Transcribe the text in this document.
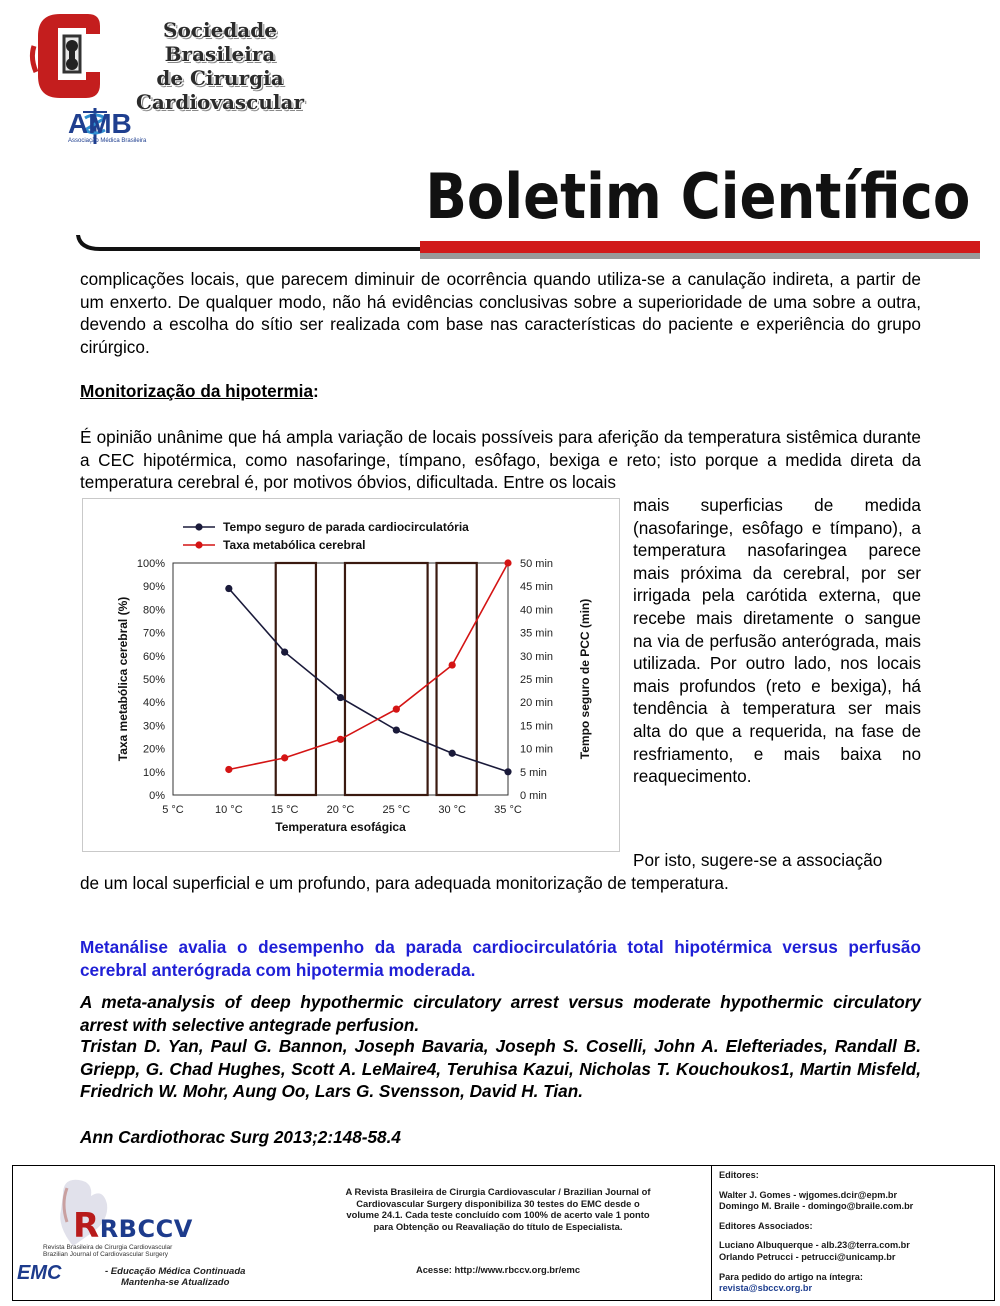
Sociedade Brasileira
de Cirurgia
Cardiovascular
AMB
Associação Médica Brasileira
Boletim Científico
complicações locais, que parecem diminuir de ocorrência quando utiliza-se a canulação indireta, a partir de um enxerto. De qualquer modo, não há evidências conclusivas sobre a superioridade de uma sobre a outra, devendo a escolha do sítio ser realizada com base nas características do paciente e experiência do grupo cirúrgico.
Monitorização da hipotermia:
É opinião unânime que há ampla variação de locais possíveis para aferição da temperatura sistêmica durante a CEC hipotérmica, como nasofaringe, tímpano, esôfago, bexiga e reto; isto porque a medida direta da temperatura cerebral é, por motivos óbvios, dificultada. Entre os locais
mais superficias de medida (nasofaringe, esôfago e tímpano), a temperatura nasofaringea parece mais próxima da cerebral, por ser irrigada pela carótida externa, que recebe mais diretamente o sangue na via de perfusão anterógrada, mais utilizada. Por outro lado, nos locais mais profundos (reto e bexiga), há tendência à temperatura ser mais alta do que a requerida, na fase de resfriamento, e mais baixa no reaquecimento.
Por isto, sugere-se a associação
de um local superficial e um profundo, para adequada monitorização de temperatura.
0%
10%
20%
30%
40%
50%
60%
70%
80%
90%
100%
0 min
5 min
10 min
15 min
20 min
25 min
30 min
35 min
40 min
45 min
50 min
5 °C	10 °C	15 °C	20 °C	25 °C	30 °C	35 °C
Temperatura esofágica
Taxa metabólica cerebral (%)	Tempo seguro de PCC (min)
Tempo seguro de parada cardiocirculatória
Taxa metabólica cerebral
Metanálise avalia o desempenho da parada cardiocirculatória total hipotérmica versus perfusão cerebral anterógrada com hipotermia moderada.
A meta-analysis of deep hypothermic circulatory arrest versus moderate hypothermic circulatory arrest with selective antegrade perfusion.
Tristan D. Yan, Paul G. Bannon, Joseph Bavaria, Joseph S. Coselli, John A. Elefteriades, Randall B. Griepp, G. Chad Hughes, Scott A. LeMaire4, Teruhisa Kazui, Nicholas T. Kouchoukos1, Martin Misfeld, Friedrich W. Mohr, Aung Oo, Lars G. Svensson, David H. Tian.
Ann Cardiothorac Surg 2013;2:148-58.4
RRBCCV
Revista Brasileira de Cirurgia Cardiovascular
Brazilian Journal of Cardiovascular Surgery
EMC	- Educação Médica Continuada
Mantenha-se Atualizado
A Revista Brasileira de Cirurgia Cardiovascular / Brazilian Journal of Cardiovascular Surgery disponibiliza 30 testes do EMC desde o volume 24.1. Cada teste concluído com 100% de acerto vale 1 ponto para Obtenção ou Reavaliação do título de Especialista.
Acesse: http://www.rbccv.org.br/emc
Editores:
Walter J. Gomes - wjgomes.dcir@epm.br
Domingo M. Braile - domingo@braile.com.br
Editores Associados:
Luciano Albuquerque - alb.23@terra.com.br
Orlando Petrucci - petrucci@unicamp.br
Para pedido do artigo na íntegra:
revista@sbccv.org.br
